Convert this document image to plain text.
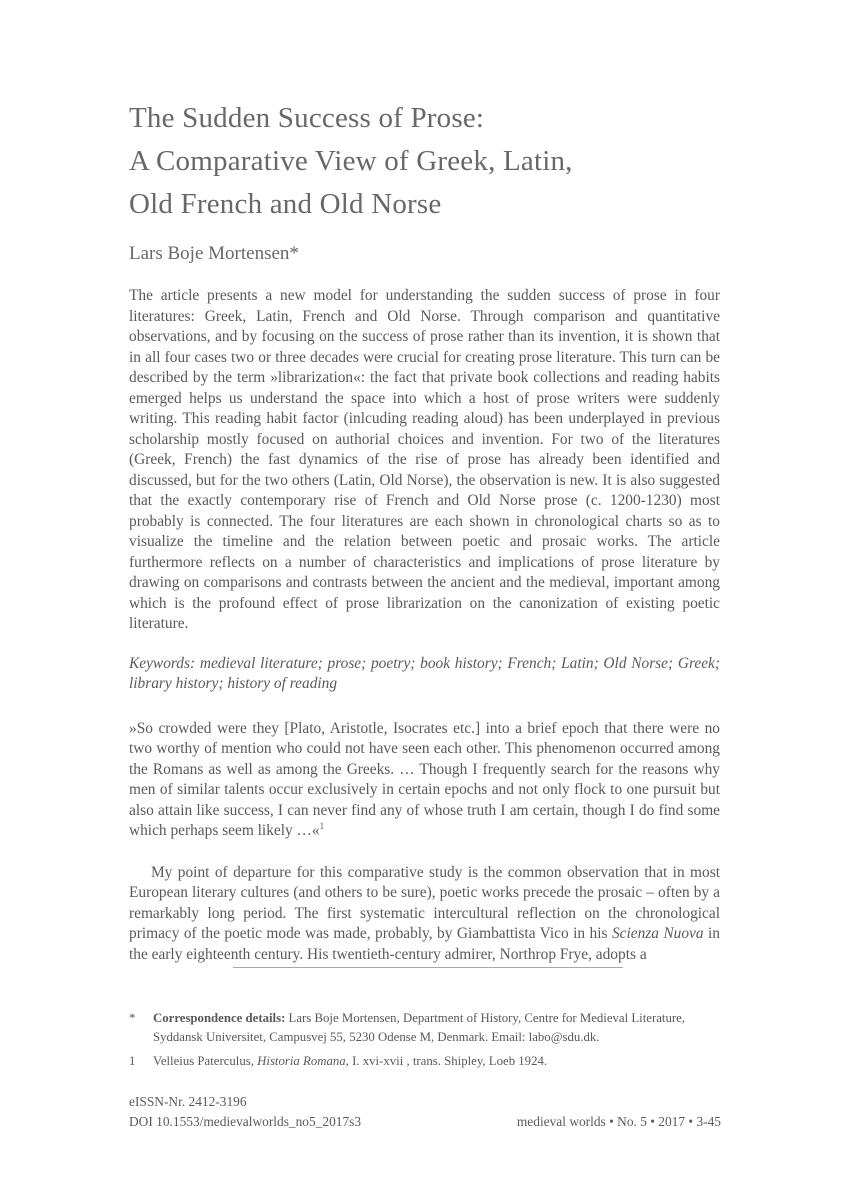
The Sudden Success of Prose:
A Comparative View of Greek, Latin,
Old French and Old Norse
Lars Boje Mortensen*

The article presents a new model for understanding the sudden success of prose in four literatures: Greek, Latin, French and Old Norse. Through comparison and quantitative observations, and by focusing on the success of prose rather than its invention, it is shown that in all four cases two or three decades were crucial for creating prose literature. This turn can be described by the term »librarization«: the fact that private book collections and reading habits emerged helps us understand the space into which a host of prose writers were suddenly writing. This reading habit factor (inlcuding reading aloud) has been underplayed in previous scholarship mostly focused on authorial choices and invention. For two of the literatures (Greek, French) the fast dynamics of the rise of prose has already been identified and discussed, but for the two others (Latin, Old Norse), the observation is new. It is also suggested that the exactly contemporary rise of French and Old Norse prose (c. 1200-1230) most probably is connected. The four literatures are each shown in chronological charts so as to visualize the timeline and the relation between poetic and prosaic works. The article furthermore reflects on a number of characteristics and implications of prose literature by drawing on comparisons and contrasts between the ancient and the medieval, important among which is the profound effect of prose librarization on the canonization of existing poetic literature.

Keywords: medieval literature; prose; poetry; book history; French; Latin; Old Norse; Greek; library history; history of reading

»So crowded were they [Plato, Aristotle, Isocrates etc.] into a brief epoch that there were no two worthy of mention who could not have seen each other. This phenomenon occurred among the Romans as well as among the Greeks. … Though I frequently search for the reasons why men of similar talents occur exclusively in certain epochs and not only flock to one pursuit but also attain like success, I can never find any of whose truth I am certain, though I do find some which perhaps seem likely …«$^1$

My point of departure for this comparative study is the common observation that in most European literary cultures (and others to be sure), poetic works precede the prosaic – often by a remarkably long period. The first systematic intercultural reflection on the chronological primacy of the poetic mode was made, probably, by Giambattista Vico in his Scienza Nuova in the early eighteenth century. His twentieth-century admirer, Northrop Frye, adopts a

*	Correspondence details: Lars Boje Mortensen, Department of History, Centre for Medieval Literature, Syddansk Universitet, Campusvej 55, 5230 Odense M, Denmark. Email: labo@sdu.dk.
1	Velleius Paterculus, Historia Romana, I. xvi-xvii , trans. Shipley, Loeb 1924.
eISSN-Nr. 2412-3196
DOI 10.1553/medievalworlds_no5_2017s3	medieval worlds • No. 5 • 2017 • 3-45
